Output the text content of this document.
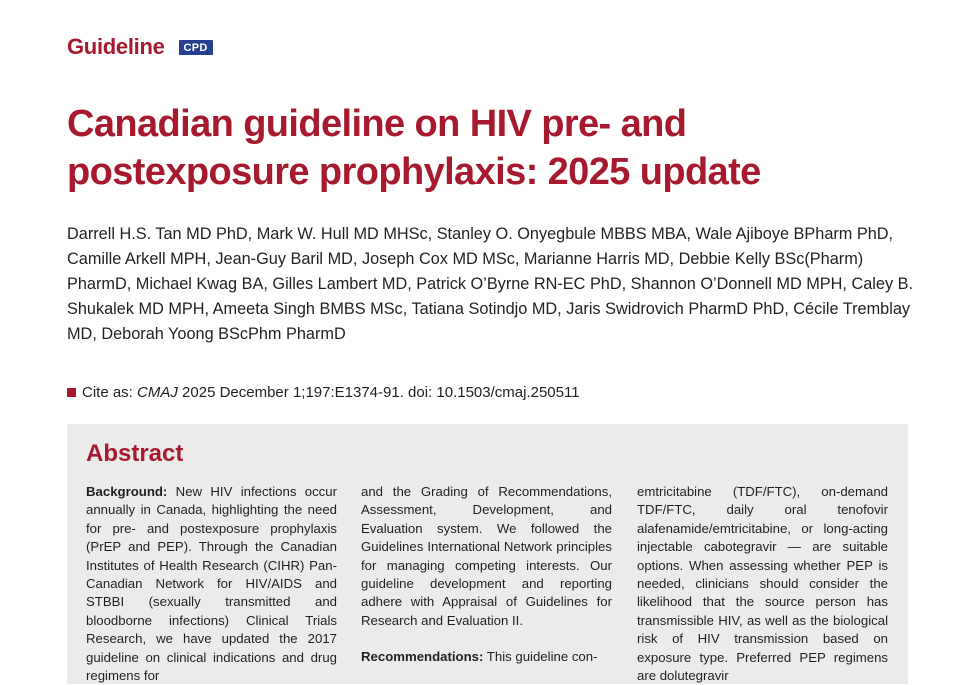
Guideline	CPD
Canadian guideline on HIV pre- and postexposure prophylaxis: 2025 update

Darrell H.S. Tan MD PhD, Mark W. Hull MD MHSc, Stanley O. Onyegbule MBBS MBA, Wale Ajiboye BPharm PhD, Camille Arkell MPH, Jean-Guy Baril MD, Joseph Cox MD MSc, Marianne Harris MD, Debbie Kelly BSc(Pharm) PharmD, Michael Kwag BA, Gilles Lambert MD, Patrick O’Byrne RN-EC PhD, Shannon O’Donnell MD MPH, Caley B. Shukalek MD MPH, Ameeta Singh BMBS MSc, Tatiana Sotindjo MD, Jaris Swidrovich PharmD PhD, Cécile Tremblay MD, Deborah Yoong BScPhm PharmD

Cite as: CMAJ 2025 December 1;197:E1374-91. doi: 10.1503/cmaj.250511
Abstract

Background: New HIV infections occur annually in Canada, highlighting the need for pre- and postexposure prophylaxis (PrEP and PEP). Through the Canadian Institutes of Health Research (CIHR) Pan-Canadian Network for HIV/AIDS and STBBI (sexually transmitted and bloodborne infections) Clinical Trials Research, we have updated the 2017 guideline on clinical indications and drug regimens for

and the Grading of Recommendations, Assessment, Development, and Evaluation system. We followed the Guidelines International Network principles for managing competing interests. Our guideline development and reporting adhere with Appraisal of Guidelines for Research and Evaluation II.

Recommendations: This guideline con-

emtricitabine (TDF/FTC), on-demand TDF/FTC, daily oral tenofovir alafenamide/emtricitabine, or long-acting injectable cabotegravir — are suitable options. When assessing whether PEP is needed, clinicians should consider the likelihood that the source person has transmissible HIV, as well as the biological risk of HIV transmission based on exposure type. Preferred PEP regimens are dolutegravir
